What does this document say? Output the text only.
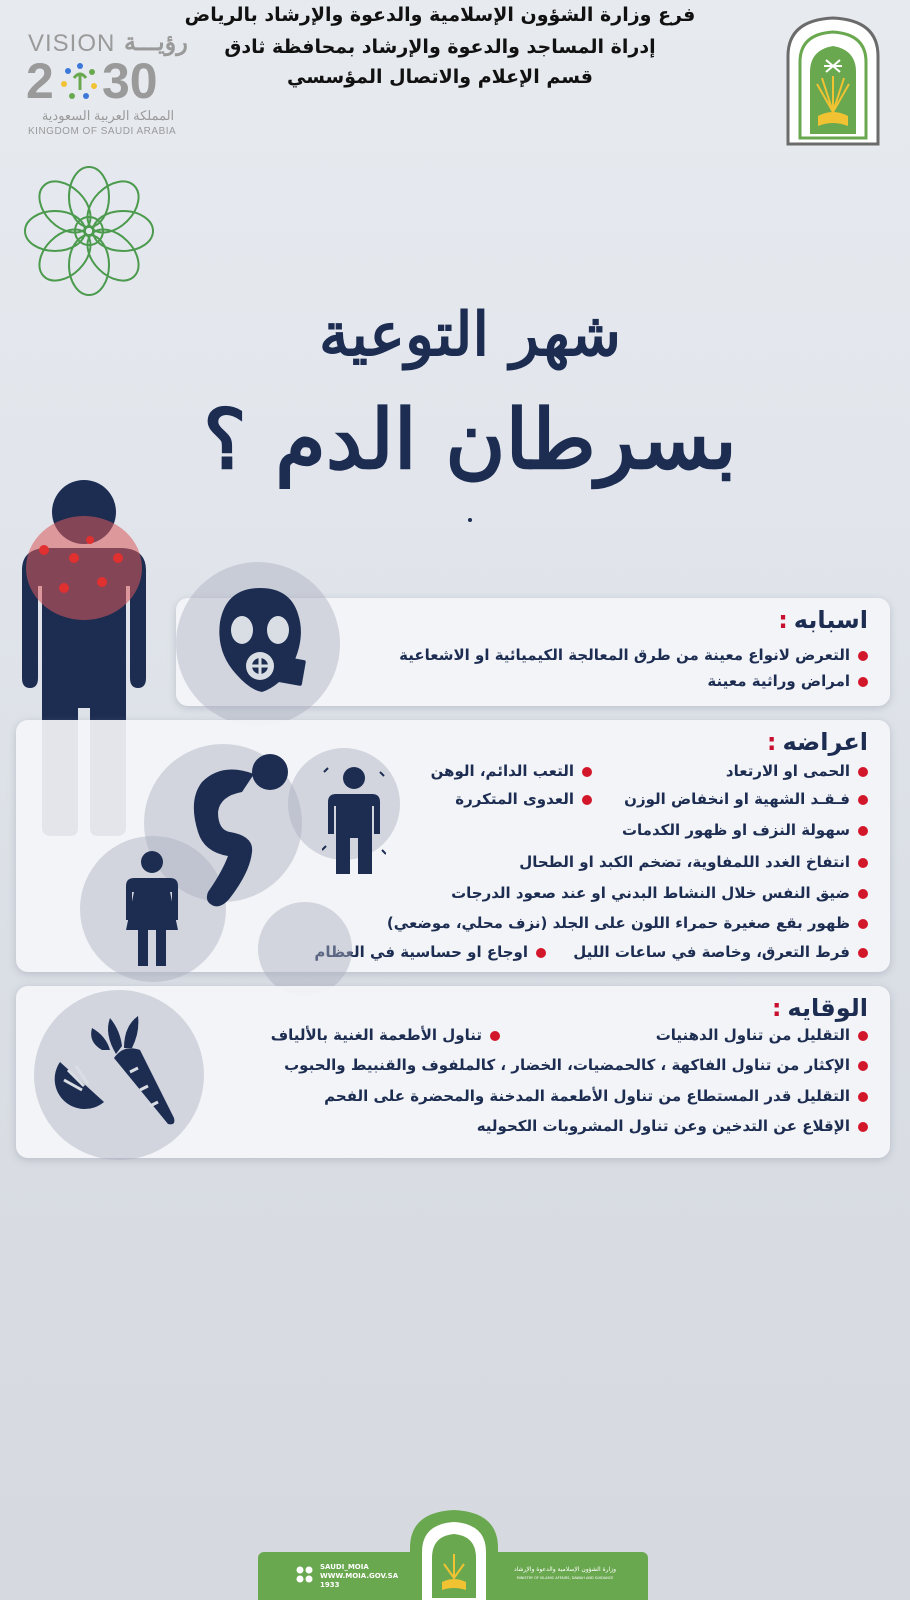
فرع وزارة الشؤون الإسلامية والدعوة والإرشاد بالرياض
إدراة المساجد والدعوة والإرشاد بمحافظة ثادق
قسم الإعلام والاتصال المؤسسي
VISION رؤيـــة
2 30
المملكة العربية السعودية
KINGDOM OF SAUDI ARABIA
شهر التوعية
بسرطان الدم ؟
اسبابه:
التعرض لانواع معينة من طرق المعالجة الكيميائية او الاشعاعية
امراض وراثية معينة
اعراضه:
الحمى او الارتعاد
فـقـد الشهية او انخفاض الوزن
سهولة النزف او ظهور الكدمات
انتفاخ الغدد اللمفاوية، تضخم الكبد او الطحال
ضيق النفس خلال النشاط البدني او عند صعود الدرجات
ظهور بقع صغيرة حمراء اللون على الجلد (نزف محلي، موضعي)
فرط التعرق، وخاصة في ساعات الليل
التعب الدائم، الوهن
العدوى المتكررة
اوجاع او حساسية في العظام
الوقايه:
التقليل من تناول الدهنيات
تناول الأطعمة الغنية بالألياف
الإكثار من تناول الفاكهة ، كالحمضيات، الخضار ، كالملفوف والقنبيط والحبوب
التقليل قدر المستطاع من تناول الأطعمة المدخنة والمحضرة على الفحم
الإقلاع عن التدخين وعن تناول المشروبات الكحوليه
SAUDI_MOIA
WWW.MOIA.GOV.SA
1933
وزارة الشؤون الإسلامية والدعوة والإرشاد
MINISTRY OF ISLAMIC AFFAIRS, DAWAH AND GUIDANCE
